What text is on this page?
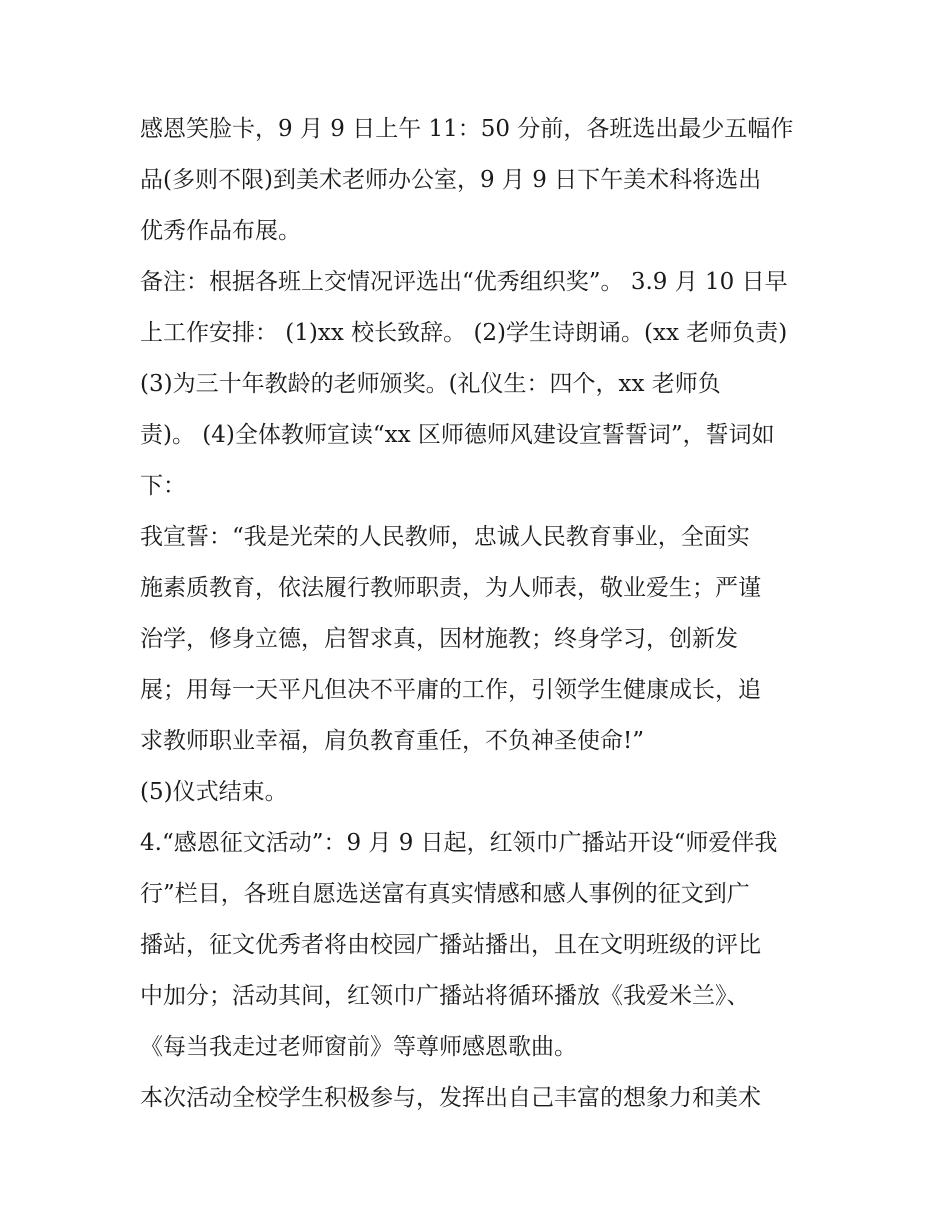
感恩笑脸卡，9 月 9 日上午 11：50 分前，各班选出最少五幅作
品(多则不限)到美术老师办公室，9 月 9 日下午美术科将选出
优秀作品布展。
备注：根据各班上交情况评选出“优秀组织奖”。 3.9 月 10 日早
上工作安排： (1)xx 校长致辞。 (2)学生诗朗诵。(xx 老师负责)
(3)为三十年教龄的老师颁奖。(礼仪生：四个，xx 老师负
责)。 (4)全体教师宣读“xx 区师德师风建设宣誓誓词”，誓词如
下：
我宣誓：“我是光荣的人民教师，忠诚人民教育事业，全面实
施素质教育，依法履行教师职责，为人师表，敬业爱生；严谨
治学，修身立德，启智求真，因材施教；终身学习，创新发
展；用每一天平凡但决不平庸的工作，引领学生健康成长，追
求教师职业幸福，肩负教育重任，不负神圣使命!”
(5)仪式结束。
4.“感恩征文活动”：9 月 9 日起，红领巾广播站开设“师爱伴我
行”栏目，各班自愿选送富有真实情感和感人事例的征文到广
播站，征文优秀者将由校园广播站播出，且在文明班级的评比
中加分；活动其间，红领巾广播站将循环播放《我爱米兰》、
《每当我走过老师窗前》等尊师感恩歌曲。
本次活动全校学生积极参与，发挥出自己丰富的想象力和美术
